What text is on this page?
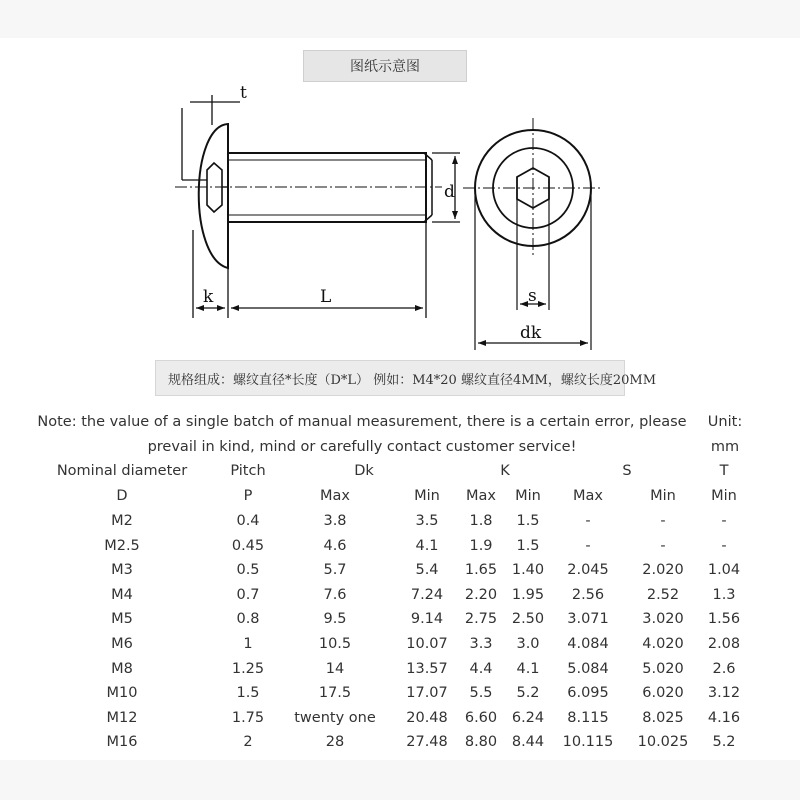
图纸示意图
t
k	L
d
s
dk
规格组成：螺纹直径*长度（D*L） 例如：M4*20 螺纹直径4MM，螺纹长度20MM
Note: the value of a single batch of manual measurement, there is a certain error, please prevail in kind, mind or carefully contact customer service!
Unit: mm
Nominal diameter	Pitch	Dk	K	S	T
D	P	Max	Min Max Min Max	Min Min
M2	0.4	3.8	3.5 1.8 1.5	-	-	-
M2.5	0.45	4.6	4.1 1.9 1.5	-	-	-
M3	0.5	5.7	5.4 1.65 1.40 2.045 2.020 1.04
M4	0.7	7.6	7.24 2.20 1.95 2.56	2.52 1.3
M5	0.8	9.5	9.14 2.75 2.50 3.071 3.020 1.56
M6	1	10.5	10.07 3.3 3.0 4.084 4.020 2.08
M8	1.25	14	13.57 4.4 4.1 5.084 5.020 2.6
M10	1.5	17.5	17.07 5.5 5.2 6.095 6.020 3.12
M12	1.75 twenty one 20.48 6.60 6.24 8.115 8.025 4.16
M16	2	28	27.48 8.80 8.44 10.115 10.025 5.2
